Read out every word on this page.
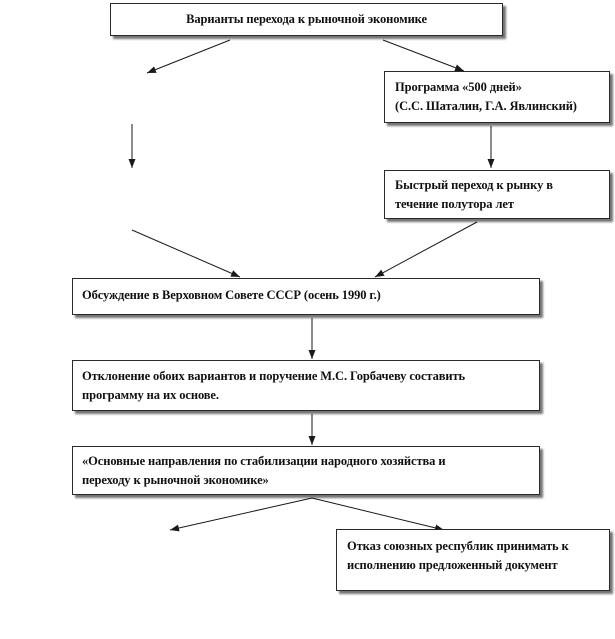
Варианты перехода к рыночной экономике
Программа «500 дней»
(С.С. Шаталин, Г.А. Явлинский)
Быстрый переход к рынку в
течение полутора лет
Обсуждение в Верховном Совете СССР (осень 1990 г.)
Отклонение обоих вариантов и поручение М.С. Горбачеву составить
программу на их основе.
«Основные направления по стабилизации народного хозяйства и
переходу к рыночной экономике»
Отказ союзных республик принимать к
исполнению предложенный документ
